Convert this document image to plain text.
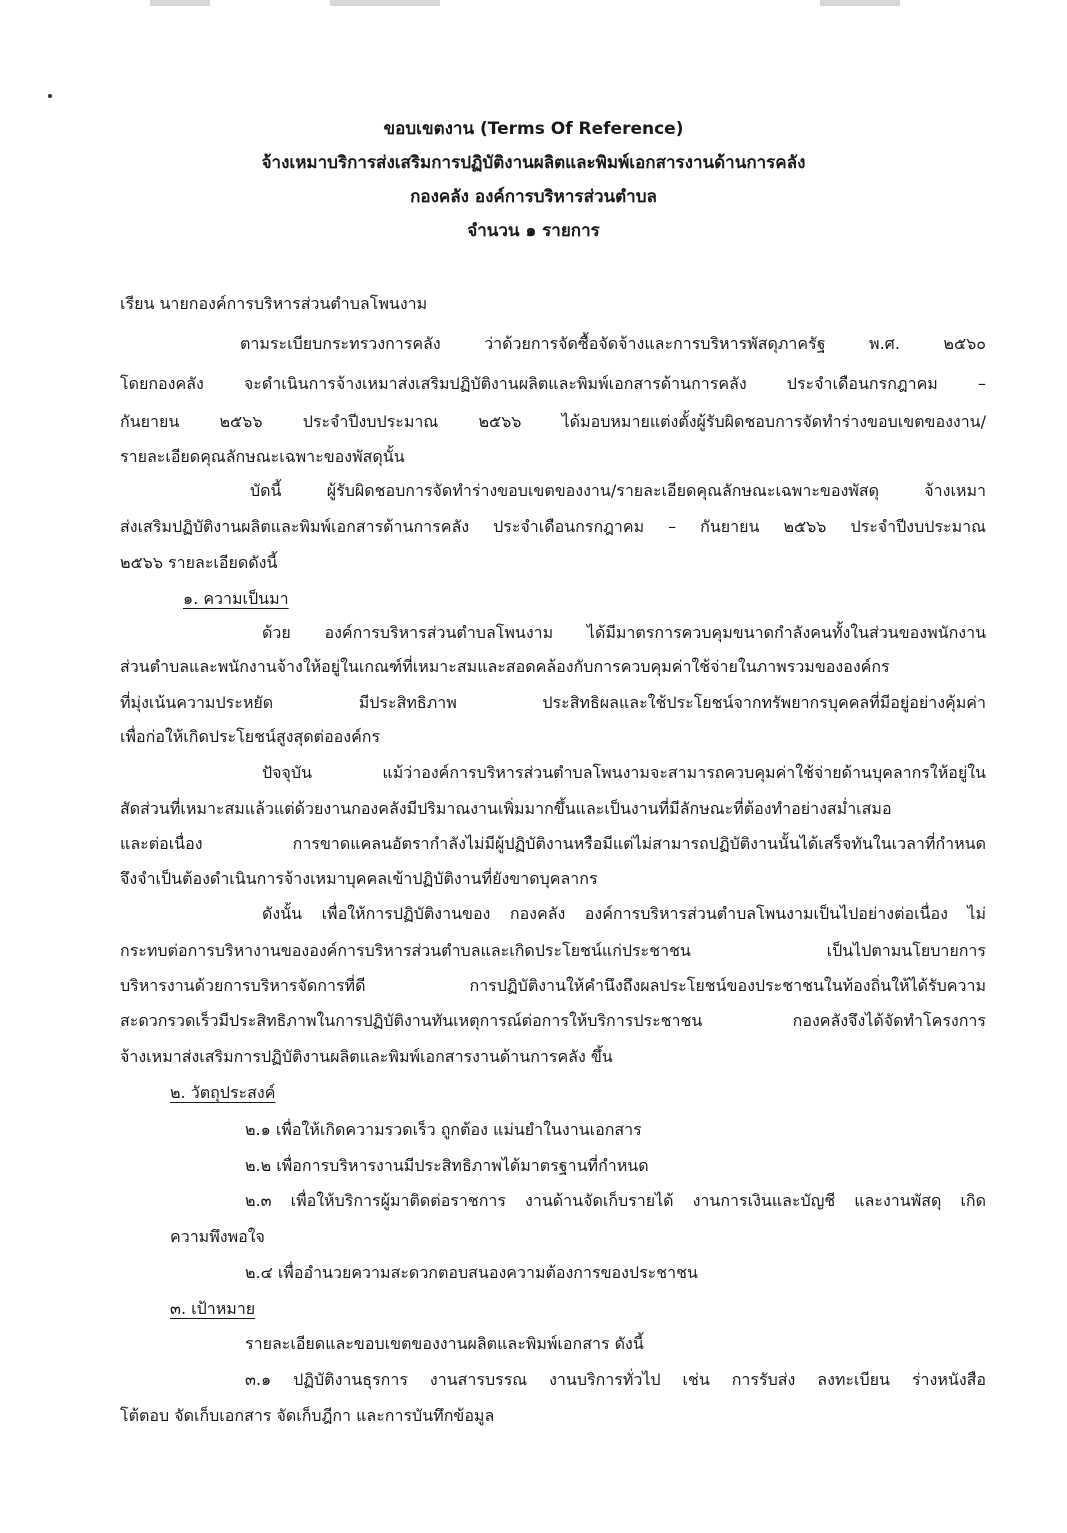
ขอบเขตงาน (Terms Of Reference)
จ้างเหมาบริการส่งเสริมการปฏิบัติงานผลิตและพิมพ์เอกสารงานด้านการคลัง
กองคลัง องค์การบริหารส่วนตำบล
จำนวน ๑ รายการ
เรียน นายกองค์การบริหารส่วนตำบลโพนงาม
ตามระเบียบกระทรวงการคลัง ว่าด้วยการจัดซื้อจัดจ้างและการบริหารพัสดุภาครัฐ พ.ศ. ๒๕๖๐
โดยกองคลัง จะดำเนินการจ้างเหมาส่งเสริมปฏิบัติงานผลิตและพิมพ์เอกสารด้านการคลัง ประจำเดือนกรกฎาคม –
กันยายน ๒๕๖๖ ประจำปีงบประมาณ ๒๕๖๖ ได้มอบหมายแต่งตั้งผู้รับผิดชอบการจัดทำร่างขอบเขตของงาน/
รายละเอียดคุณลักษณะเฉพาะของพัสดุนั้น
บัดนี้ ผู้รับผิดชอบการจัดทำร่างขอบเขตของงาน/รายละเอียดคุณลักษณะเฉพาะของพัสดุ จ้างเหมา
ส่งเสริมปฏิบัติงานผลิตและพิมพ์เอกสารด้านการคลัง ประจำเดือนกรกฎาคม – กันยายน ๒๕๖๖ ประจำปีงบประมาณ
๒๕๖๖ รายละเอียดดังนี้
๑. ความเป็นมา
ด้วย องค์การบริหารส่วนตำบลโพนงาม ได้มีมาตรการควบคุมขนาดกำลังคนทั้งในส่วนของพนักงาน
ส่วนตำบลและพนักงานจ้างให้อยู่ในเกณฑ์ที่เหมาะสมและสอดคล้องกับการควบคุมค่าใช้จ่ายในภาพรวมขององค์กร
ที่มุ่งเน้นความประหยัด มีประสิทธิภาพ ประสิทธิผลและใช้ประโยชน์จากทรัพยากรบุคคลที่มีอยู่อย่างคุ้มค่า
เพื่อก่อให้เกิดประโยชน์สูงสุดต่อองค์กร
ปัจจุบัน แม้ว่าองค์การบริหารส่วนตำบลโพนงามจะสามารถควบคุมค่าใช้จ่ายด้านบุคลากรให้อยู่ใน
สัดส่วนที่เหมาะสมแล้วแต่ด้วยงานกองคลังมีปริมาณงานเพิ่มมากขึ้นและเป็นงานที่มีลักษณะที่ต้องทำอย่างสม่ำเสมอ
และต่อเนื่อง การขาดแคลนอัตรากำลังไม่มีผู้ปฏิบัติงานหรือมีแต่ไม่สามารถปฏิบัติงานนั้นได้เสร็จทันในเวลาที่กำหนด
จึงจำเป็นต้องดำเนินการจ้างเหมาบุคคลเข้าปฏิบัติงานที่ยังขาดบุคลากร
ดังนั้น เพื่อให้การปฏิบัติงานของ กองคลัง องค์การบริหารส่วนตำบลโพนงามเป็นไปอย่างต่อเนื่อง ไม่
กระทบต่อการบริหางานขององค์การบริหารส่วนตำบลและเกิดประโยชน์แก่ประชาชน เป็นไปตามนโยบายการ
บริหารงานด้วยการบริหารจัดการที่ดี การปฏิบัติงานให้คำนึงถึงผลประโยชน์ของประชาชนในท้องถิ่นให้ได้รับความ
สะดวกรวดเร็วมีประสิทธิภาพในการปฏิบัติงานทันเหตุการณ์ต่อการให้บริการประชาชน กองคลังจึงได้จัดทำโครงการ
จ้างเหมาส่งเสริมการปฏิบัติงานผลิตและพิมพ์เอกสารงานด้านการคลัง ขึ้น
๒. วัตถุประสงค์
๒.๑ เพื่อให้เกิดความรวดเร็ว ถูกต้อง แม่นยำในงานเอกสาร
๒.๒ เพื่อการบริหารงานมีประสิทธิภาพได้มาตรฐานที่กำหนด
๒.๓ เพื่อให้บริการผู้มาติดต่อราชการ งานด้านจัดเก็บรายได้ งานการเงินและบัญชี และงานพัสดุ เกิด
ความพึงพอใจ
๒.๔ เพื่ออำนวยความสะดวกตอบสนองความต้องการของประชาชน
๓. เป้าหมาย
รายละเอียดและขอบเขตของงานผลิตและพิมพ์เอกสาร ดังนี้
๓.๑ ปฏิบัติงานธุรการ งานสารบรรณ งานบริการทั่วไป เช่น การรับส่ง ลงทะเบียน ร่างหนังสือ
โต้ตอบ จัดเก็บเอกสาร จัดเก็บฎีกา และการบันทึกข้อมูล
